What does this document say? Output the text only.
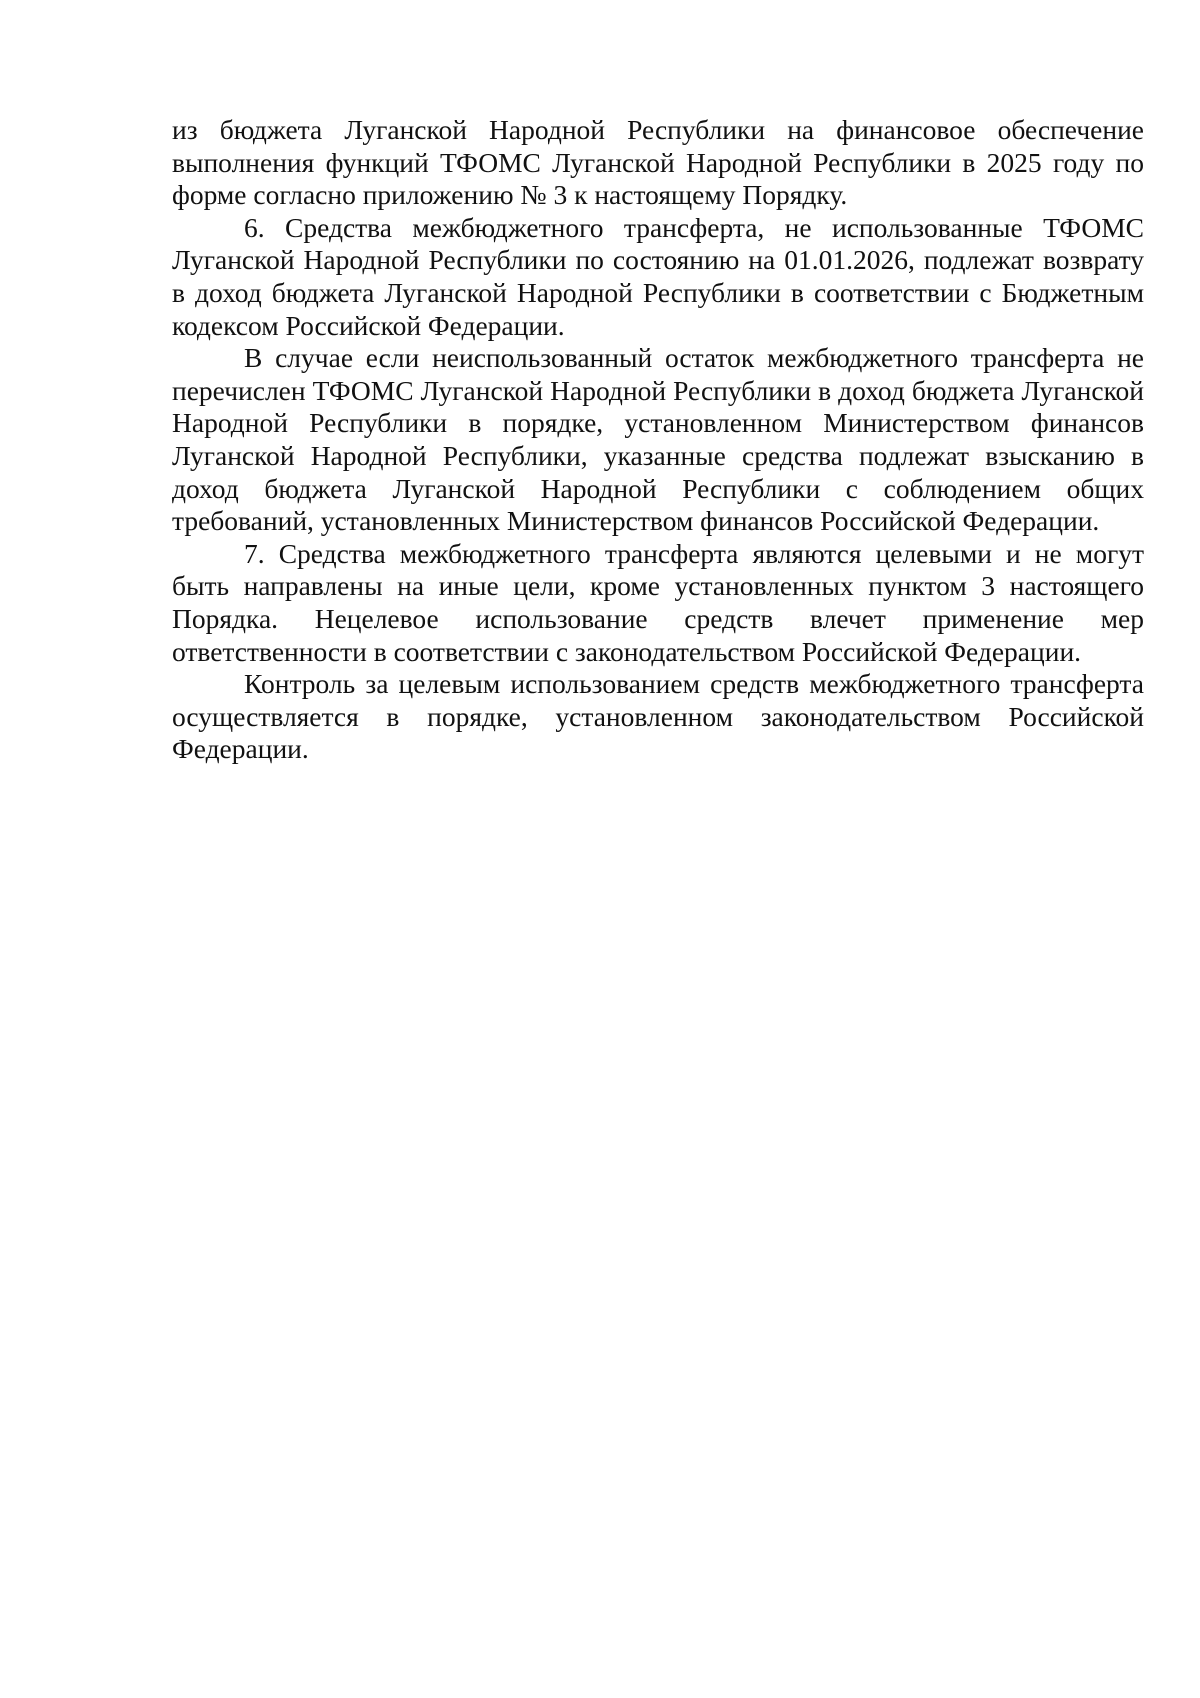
из бюджета Луганской Народной Республики на финансовое обеспечение выполнения функций ТФОМС Луганской Народной Республики в 2025 году по форме согласно приложению № 3 к настоящему Порядку.

6. Средства межбюджетного трансферта, не использованные ТФОМС Луганской Народной Республики по состоянию на 01.01.2026, подлежат возврату в доход бюджета Луганской Народной Республики в соответствии с Бюджетным кодексом Российской Федерации.

В случае если неиспользованный остаток межбюджетного трансферта не перечислен ТФОМС Луганской Народной Республики в доход бюджета Луганской Народной Республики в порядке, установленном Министерством финансов Луганской Народной Республики, указанные средства подлежат взысканию в доход бюджета Луганской Народной Республики с соблюдением общих требований, установленных Министерством финансов Российской Федерации.

7. Средства межбюджетного трансферта являются целевыми и не могут быть направлены на иные цели, кроме установленных пунктом 3 настоящего Порядка. Нецелевое использование средств влечет применение мер ответственности в соответствии с законодательством Российской Федерации.

Контроль за целевым использованием средств межбюджетного трансферта осуществляется в порядке, установленном законодательством Российской Федерации.
